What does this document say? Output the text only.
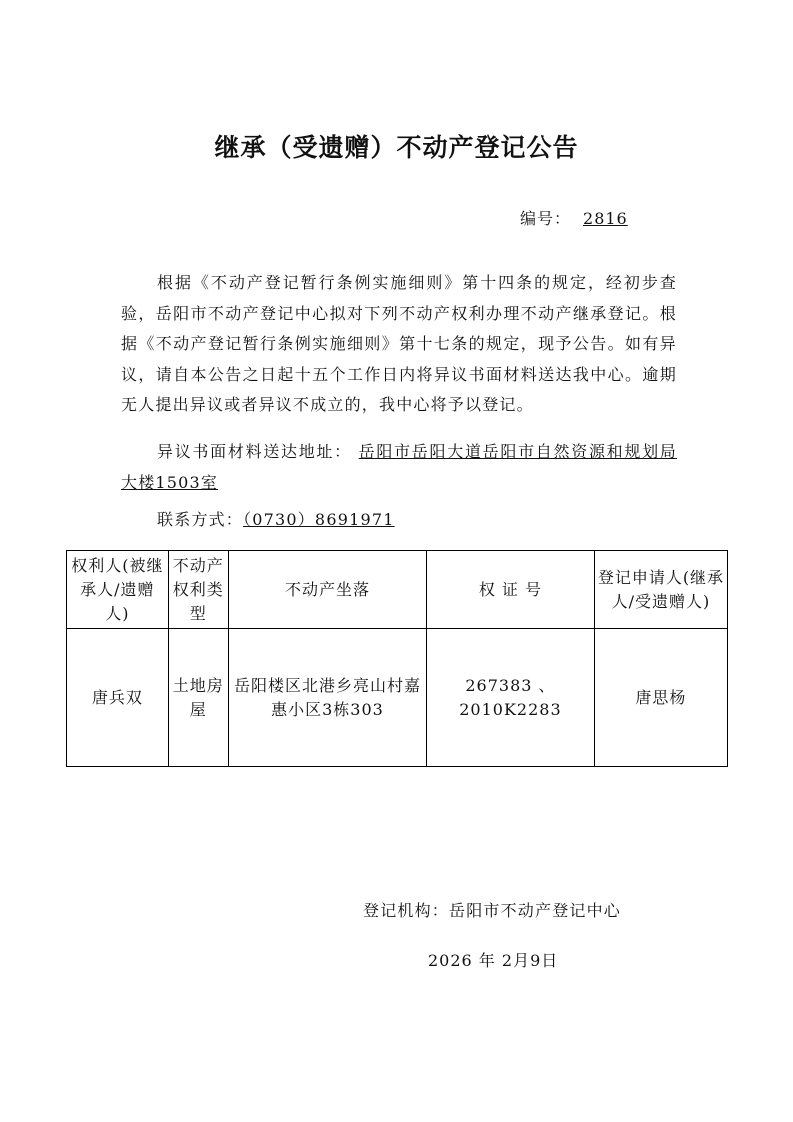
继承（受遗赠）不动产登记公告
编号： 2816

根据《不动产登记暂行条例实施细则》第十四条的规定，经初步查验，岳阳市不动产登记中心拟对下列不动产权利办理不动产继承登记。根据《不动产登记暂行条例实施细则》第十七条的规定，现予公告。如有异议，请自本公告之日起十五个工作日内将异议书面材料送达我中心。逾期无人提出异议或者异议不成立的，我中心将予以登记。

异议书面材料送达地址： 岳阳市岳阳大道岳阳市自然资源和规划局大楼1503室

联系方式：（0730）8691971

权利人(被继承人/遗赠人)	不动产权利类型	不动产坐落	权 证 号	登记申请人(继承人/受遗赠人)
唐兵双	土地房屋	岳阳楼区北港乡亮山村嘉惠小区3栋303	267383 、2010K2283	唐思杨
登记机构：岳阳市不动产登记中心
2026 年 2月9日
